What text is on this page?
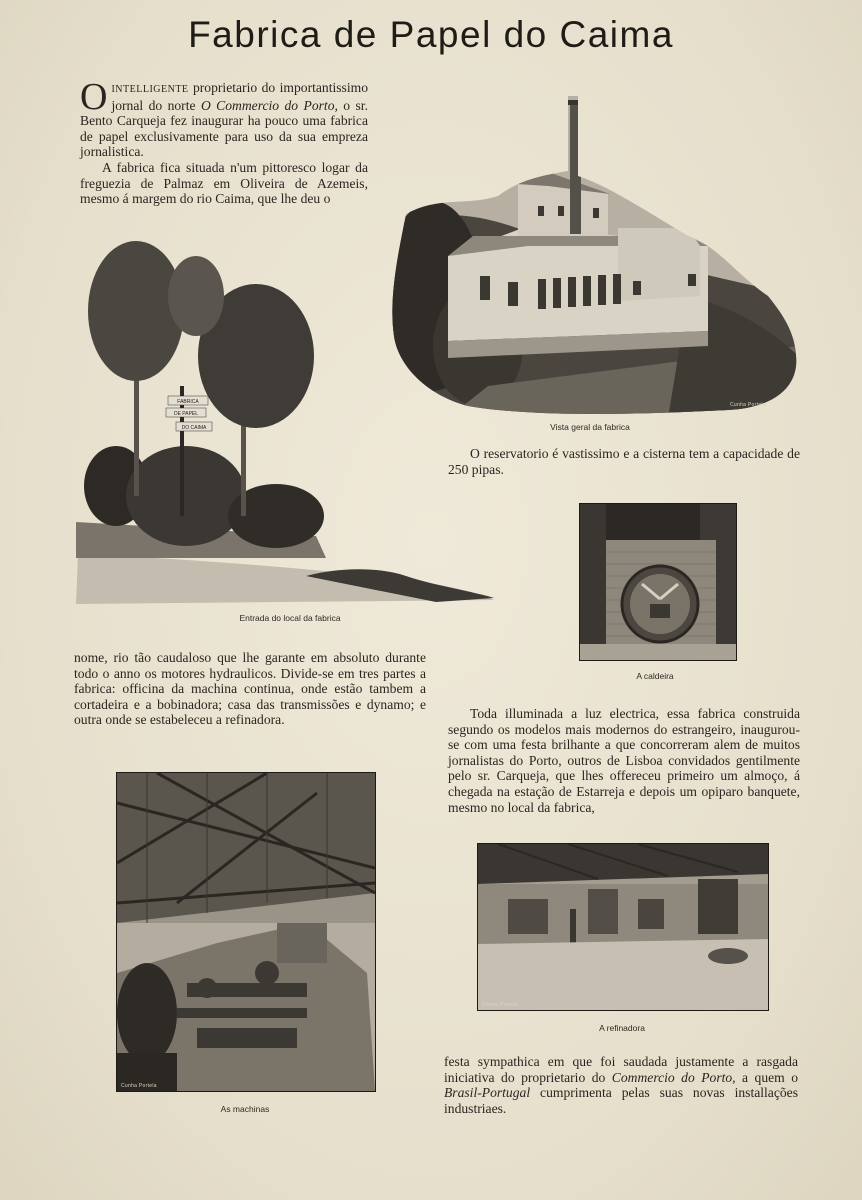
Fabrica de Papel do Caima

OINTELLIGENTE proprietario do importantissimo jornal do norte O Commercio do Porto, o sr. Bento Carqueja fez inaugurar ha pouco uma fabrica de papel exclusivamente para uso da sua empreza jornalistica.

A fabrica fica situada n'um pittoresco logar da freguezia de Palmaz em Oliveira de Azemeis, mesmo á margem do rio Caima, que lhe deu o

Cunha Portela
Vista geral da fabrica

O reservatorio é vastissimo e a cisterna tem a capacidade de 250 pipas.

FABRICA
DE PAPEL
DO CAIMA
Entrada do local da fabrica
A caldeira

nome, rio tão caudaloso que lhe garante em absoluto durante todo o anno os motores hydraulicos. Divide-se em tres partes a fabrica: officina da machina continua, onde estão tambem a cortadeira e a bobinadora; casa das transmissões e dynamo; e outra onde se estabeleceu a refinadora.	Toda illuminada a luz electrica, essa fabrica construida segundo os modelos mais modernos do estrangeiro, inaugurou-se com uma festa brilhante a que concorreram alem de muitos jornalistas do Porto, outros de Lisboa convidados gentilmente pelo sr. Carqueja, que lhes offereceu primeiro um almoço, á chegada na estação de Estarreja e depois um opiparo banquete, mesmo no local da fabrica,

Cunha Portela
As machinas
Cunha Portela
A refinadora

festa sympathica em que foi saudada justamente a rasgada iniciativa do proprietario do Commercio do Porto, a quem o Brasil-Portugal cumprimenta pelas suas novas installações industriaes.
